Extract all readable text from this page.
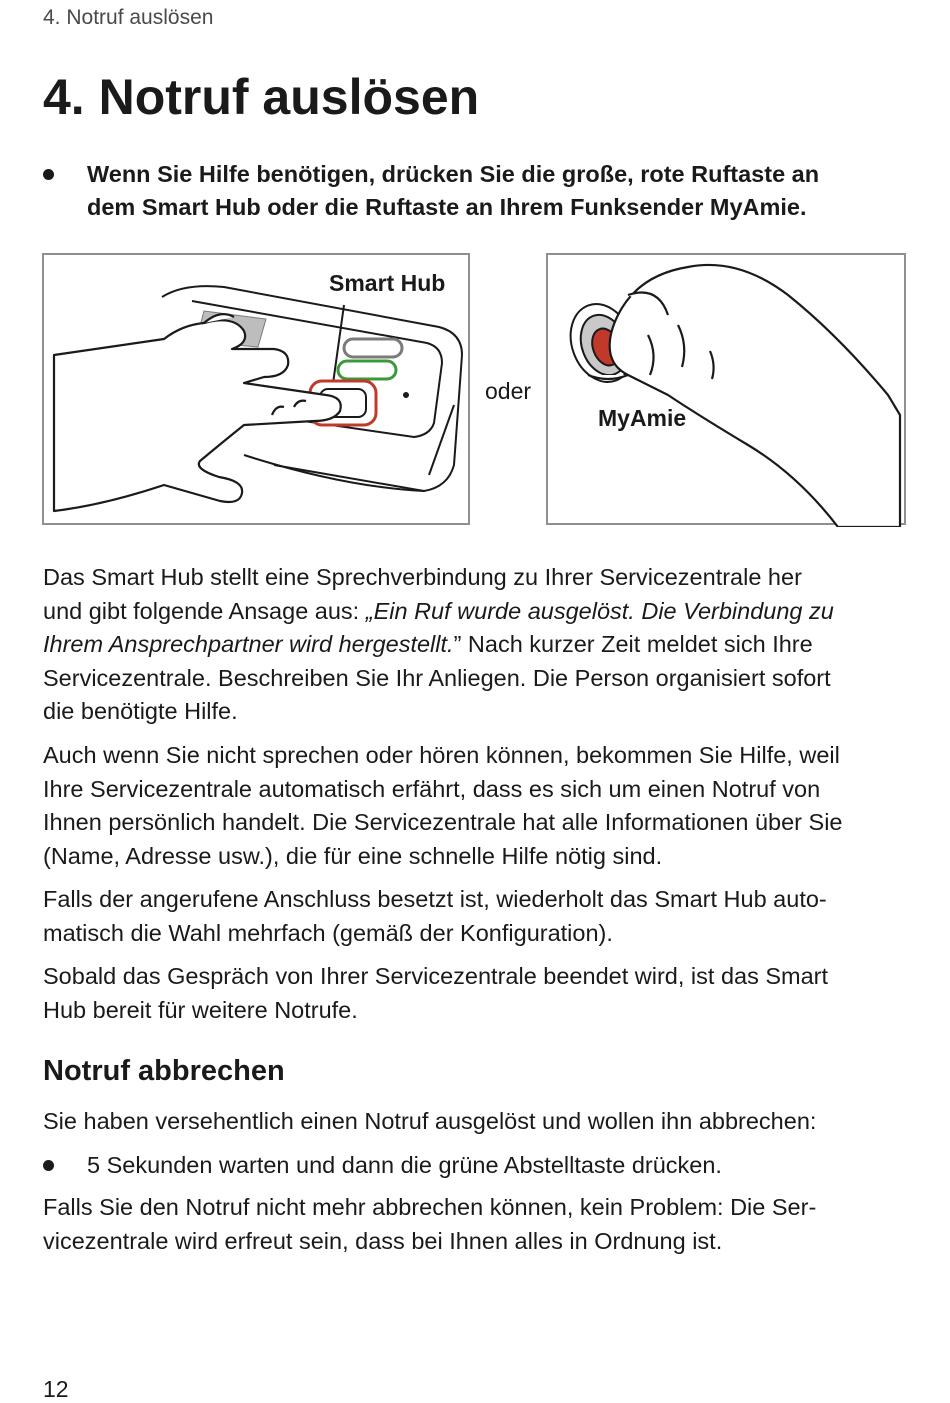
4. Notruf auslösen
4. Notruf auslösen
Wenn Sie Hilfe benötigen, drücken Sie die große, rote Ruftaste an
dem Smart Hub oder die Ruftaste an Ihrem Funksender MyAmie.
Smart Hub
oder
MyAmie
Das Smart Hub stellt eine Sprechverbindung zu Ihrer Servicezentrale her
und gibt folgende Ansage aus: „Ein Ruf wurde ausgelöst. Die Verbindung zu
Ihrem Ansprechpartner wird hergestellt.” Nach kurzer Zeit meldet sich Ihre
Servicezentrale. Beschreiben Sie Ihr Anliegen. Die Person organisiert sofort
die benötigte Hilfe.
Auch wenn Sie nicht sprechen oder hören können, bekommen Sie Hilfe, weil
Ihre Servicezentrale automatisch erfährt, dass es sich um einen Notruf von
Ihnen persönlich handelt. Die Servicezentrale hat alle Informationen über Sie
(Name, Adresse usw.), die für eine schnelle Hilfe nötig sind.
Falls der angerufene Anschluss besetzt ist, wiederholt das Smart Hub auto-
matisch die Wahl mehrfach (gemäß der Konfiguration).
Sobald das Gespräch von Ihrer Servicezentrale beendet wird, ist das Smart
Hub bereit für weitere Notrufe.
Notruf abbrechen
Sie haben versehentlich einen Notruf ausgelöst und wollen ihn abbrechen:
5 Sekunden warten und dann die grüne Abstelltaste drücken.
Falls Sie den Notruf nicht mehr abbrechen können, kein Problem: Die Ser-
vicezentrale wird erfreut sein, dass bei Ihnen alles in Ordnung ist.
12
